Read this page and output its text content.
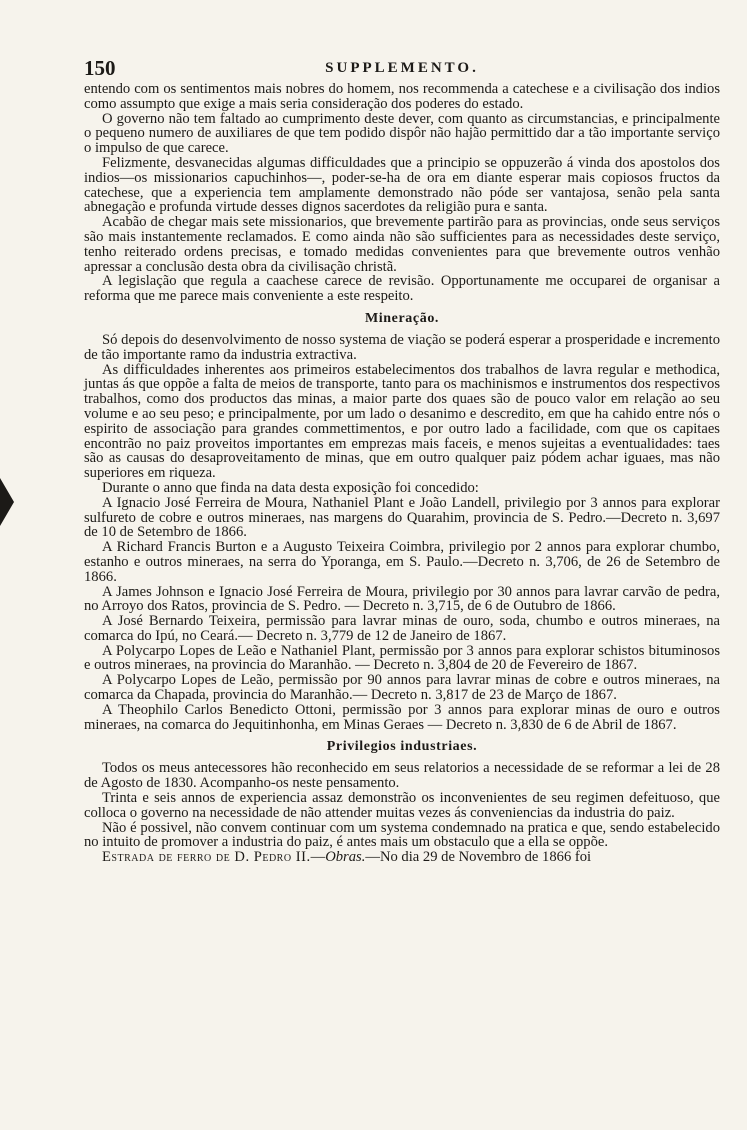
150	SUPPLEMENTO.

entendo com os sentimentos mais nobres do homem, nos recommenda a catechese e a civilisação dos indios como assumpto que exige a mais seria consideração dos poderes do estado.

O governo não tem faltado ao cumprimento deste dever, com quanto as circumstancias, e principalmente o pequeno numero de auxiliares de que tem podido dispôr não hajão permittido dar a tão importante serviço o impulso de que carece.

Felizmente, desvanecidas algumas difficuldades que a principio se oppuzerão á vinda dos apostolos dos indios—os missionarios capuchinhos—, poder-se-ha de ora em diante esperar mais copiosos fructos da catechese, que a experiencia tem amplamente demonstrado não póde ser vantajosa, senão pela santa abnegação e profunda virtude desses dignos sacerdotes da religião pura e santa.

Acabão de chegar mais sete missionarios, que brevemente partirão para as provincias, onde seus serviços são mais instantemente reclamados. E como ainda não são sufficientes para as necessidades deste serviço, tenho reiterado ordens precisas, e tomado medidas convenientes para que brevemente outros venhão apressar a conclusão desta obra da civilisação christã.

A legislação que regula a caachese carece de revisão. Opportunamente me occuparei de organisar a reforma que me parece mais conveniente a este respeito.

Mineração.

Só depois do desenvolvimento de nosso systema de viação se poderá esperar a prosperidade e incremento de tão importante ramo da industria extractiva.

As difficuldades inherentes aos primeiros estabelecimentos dos trabalhos de lavra regular e methodica, juntas ás que oppõe a falta de meios de transporte, tanto para os machinismos e instrumentos dos respectivos trabalhos, como dos productos das minas, a maior parte dos quaes são de pouco valor em relação ao seu volume e ao seu peso; e principalmente, por um lado o desanimo e descredito, em que ha cahido entre nós o espirito de associação para grandes commettimentos, e por outro lado a facilidade, com que os capitaes encontrão no paiz proveitos importantes em emprezas mais faceis, e menos sujeitas a eventualidades: taes são as causas do desaproveitamento de minas, que em outro qualquer paiz pódem achar iguaes, mas não superiores em riqueza.

Durante o anno que finda na data desta exposição foi concedido:

A Ignacio José Ferreira de Moura, Nathaniel Plant e João Landell, privilegio por 3 annos para explorar sulfureto de cobre e outros mineraes, nas margens do Quarahim, provincia de S. Pedro.—Decreto n. 3,697 de 10 de Setembro de 1866.

A Richard Francis Burton e a Augusto Teixeira Coimbra, privilegio por 2 annos para explorar chumbo, estanho e outros mineraes, na serra do Yporanga, em S. Paulo.—Decreto n. 3,706, de 26 de Setembro de 1866.

A James Johnson e Ignacio José Ferreira de Moura, privilegio por 30 annos para lavrar carvão de pedra, no Arroyo dos Ratos, provincia de S. Pedro. — Decreto n. 3,715, de 6 de Outubro de 1866.

A José Bernardo Teixeira, permissão para lavrar minas de ouro, soda, chumbo e outros mineraes, na comarca do Ipú, no Ceará.— Decreto n. 3,779 de 12 de Janeiro de 1867.

A Polycarpo Lopes de Leão e Nathaniel Plant, permissão por 3 annos para explorar schistos bituminosos e outros mineraes, na provincia do Maranhão. — Decreto n. 3,804 de 20 de Fevereiro de 1867.

A Polycarpo Lopes de Leão, permissão por 90 annos para lavrar minas de cobre e outros mineraes, na comarca da Chapada, provincia do Maranhão.— Decreto n. 3,817 de 23 de Março de 1867.

A Theophilo Carlos Benedicto Ottoni, permissão por 3 annos para explorar minas de ouro e outros mineraes, na comarca do Jequitinhonha, em Minas Geraes — Decreto n. 3,830 de 6 de Abril de 1867.

Privilegios industriaes.

Todos os meus antecessores hão reconhecido em seus relatorios a necessidade de se reformar a lei de 28 de Agosto de 1830. Acompanho-os neste pensamento.

Trinta e seis annos de experiencia assaz demonstrão os inconvenientes de seu regimen defeituoso, que colloca o governo na necessidade de não attender muitas vezes ás conveniencias da industria do paiz.

Não é possivel, não convem continuar com um systema condemnado na pratica e que, sendo estabelecido no intuito de promover a industria do paiz, é antes mais um obstaculo que a ella se oppõe.

Estrada de ferro de D. Pedro II.—Obras.—No dia 29 de Novembro de 1866 foi
